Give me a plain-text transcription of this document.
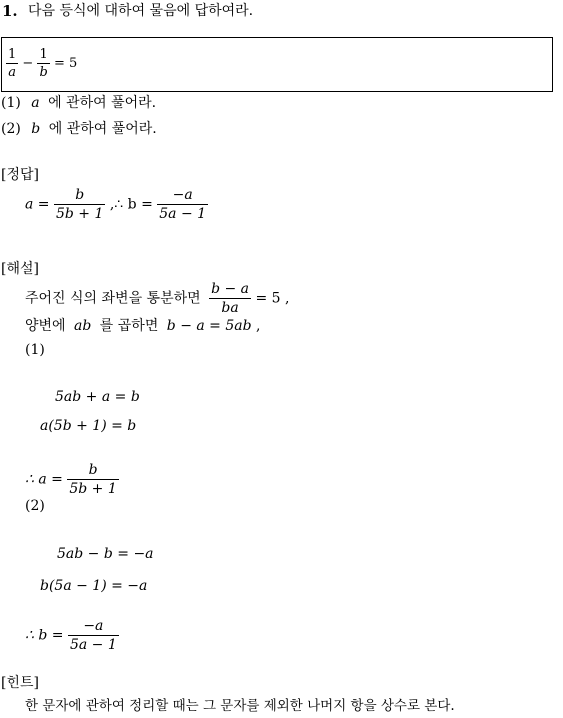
1. 다음 등식에 대하여 물음에 답하여라.
$\frac{1}{a} - \frac{1}{b} = 5$
(1) a 에 관하여 풀어라.
(2) b 에 관하여 풀어라.
[정답]
$a = \frac{b}{5b + 1}$ ,∴ $b = \frac{-a}{5a - 1}$
[해설]
주어진 식의 좌변을 통분하면 $\frac{b - a}{ba} = 5$ ,
양변에 ab 를 곱하면 b − a = 5ab ,
(1)
5ab + a = b
a(5b + 1) = b
∴ $a = \frac{b}{5b + 1}$
(2)
5ab − b = −a
b(5a − 1) = −a
∴ $b = \frac{-a}{5a - 1}$
[힌트]
한 문자에 관하여 정리할 때는 그 문자를 제외한 나머지 항을 상수로 본다.
